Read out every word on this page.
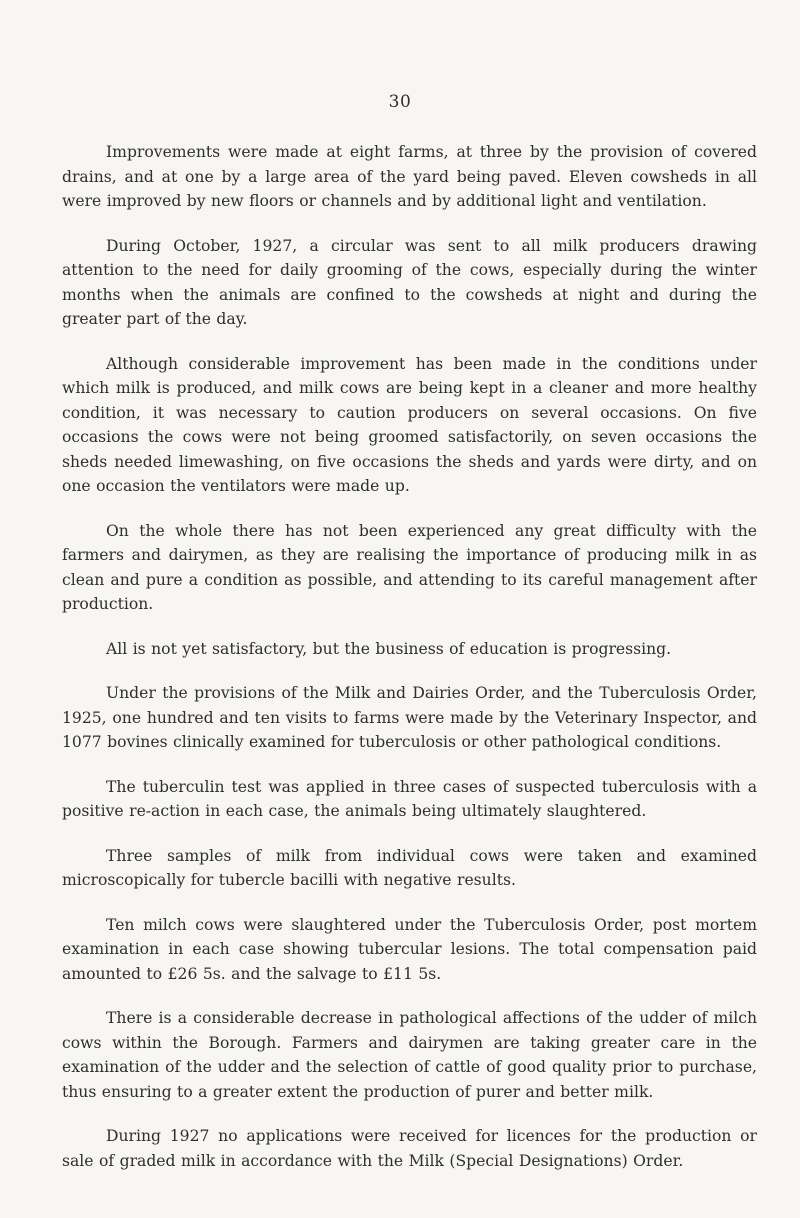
30

Improvements were made at eight farms, at three by the provision of covered drains, and at one by a large area of the yard being paved. Eleven cowsheds in all were improved by new floors or channels and by additional light and ventilation.

During October, 1927, a circular was sent to all milk producers drawing attention to the need for daily grooming of the cows, especially during the winter months when the animals are confined to the cowsheds at night and during the greater part of the day.

Although considerable improvement has been made in the conditions under which milk is produced, and milk cows are being kept in a cleaner and more healthy condition, it was necessary to caution producers on several occasions. On five occasions the cows were not being groomed satisfactorily, on seven occasions the sheds needed limewashing, on five occasions the sheds and yards were dirty, and on one occasion the ventilators were made up.

On the whole there has not been experienced any great difficulty with the farmers and dairymen, as they are realising the importance of producing milk in as clean and pure a condition as possible, and attending to its careful management after production.

All is not yet satisfactory, but the business of education is progressing.

Under the provisions of the Milk and Dairies Order, and the Tuberculosis Order, 1925, one hundred and ten visits to farms were made by the Veterinary Inspector, and 1077 bovines clinically examined for tuberculosis or other pathological conditions.

The tuberculin test was applied in three cases of suspected tuberculosis with a positive re-action in each case, the animals being ultimately slaughtered.

Three samples of milk from individual cows were taken and examined microscopically for tubercle bacilli with negative results.

Ten milch cows were slaughtered under the Tuberculosis Order, post mortem examination in each case showing tubercular lesions. The total compensation paid amounted to £26 5s. and the salvage to £11 5s.

There is a considerable decrease in pathological affections of the udder of milch cows within the Borough. Farmers and dairymen are taking greater care in the examination of the udder and the selection of cattle of good quality prior to purchase, thus ensuring to a greater extent the production of purer and better milk.

During 1927 no applications were received for licences for the production or sale of graded milk in accordance with the Milk (Special Designations) Order.
